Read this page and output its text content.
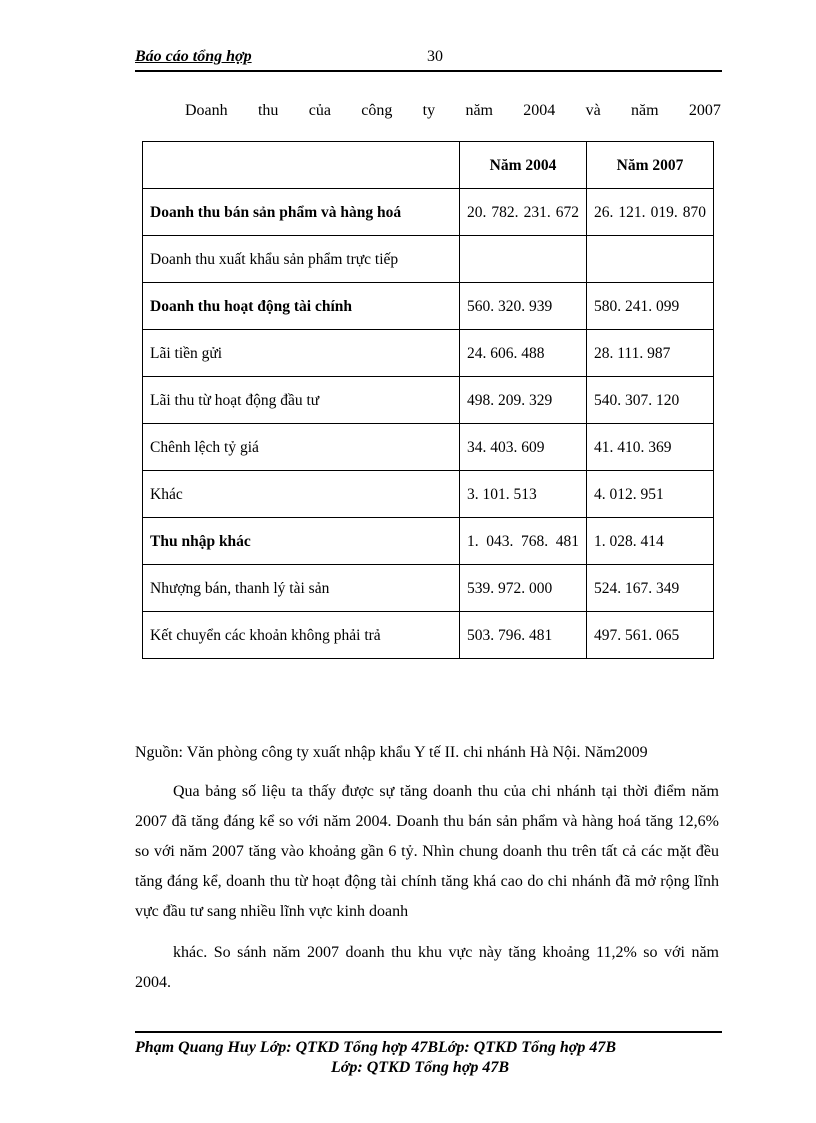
Báo cáo tổng hợp	30
Doanh thu của công ty năm 2004 và năm 2007
	Năm 2004	Năm 2007
Doanh thu bán sản phẩm và hàng hoá	20. 782. 231. 672	26. 121. 019. 870
Doanh thu xuất khẩu sản phẩm trực tiếp		
Doanh thu hoạt động tài chính	560. 320. 939	580. 241. 099
Lãi tiền gửi	24. 606. 488	28. 111. 987
Lãi thu từ hoạt động đầu tư	498. 209. 329	540. 307. 120
Chênh lệch tỷ giá	34. 403. 609	41. 410. 369
Khác	3. 101. 513	4. 012. 951
Thu nhập khác	1. 043. 768. 481	1. 028. 414
Nhượng bán, thanh lý tài sản	539. 972. 000	524. 167. 349
Kết chuyển các khoản không phải trả	503. 796. 481	497. 561. 065
Nguồn: Văn phòng công ty xuất nhập khẩu Y tế II. chi nhánh Hà Nội. Năm2009
Qua bảng số liệu ta thấy được sự tăng doanh thu của chi nhánh tại thời điểm năm 2007 đã tăng đáng kể so với năm 2004. Doanh thu bán sản phẩm và hàng hoá tăng 12,6% so với năm 2007 tăng vào khoảng gần 6 tỷ. Nhìn chung doanh thu trên tất cả các mặt đều tăng đáng kể, doanh thu từ hoạt động tài chính tăng khá cao do chi nhánh đã mở rộng lĩnh vực đầu tư sang nhiều lĩnh vực kinh doanh
khác. So sánh năm 2007 doanh thu khu vực này tăng khoảng 11,2% so với năm 2004.
Phạm Quang Huy Lớp: QTKD Tổng hợp 47BLớp: QTKD Tổng hợp 47B
Lớp: QTKD Tổng hợp 47B
